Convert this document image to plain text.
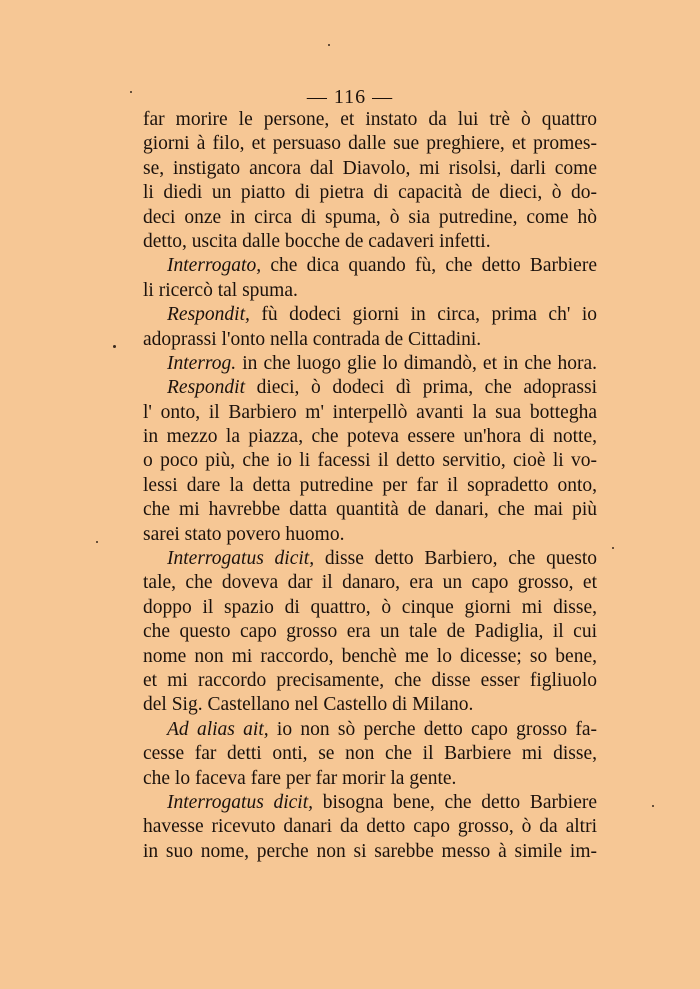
— 116 —
far morire le persone, et instato da lui trè ò quattro
giorni à filo, et persuaso dalle sue preghiere, et promes-
se, instigato ancora dal Diavolo, mi risolsi, darli come
li diedi un piatto di pietra di capacità de dieci, ò do-
deci onze in circa di spuma, ò sia putredine, come hò
detto, uscita dalle bocche de cadaveri infetti.
Interrogato, che dica quando fù, che detto Barbiere
li ricercò tal spuma.
Respondit, fù dodeci giorni in circa, prima ch' io
adoprassi l'onto nella contrada de Cittadini.
Interrog. in che luogo glie lo dimandò, et in che hora.
Respondit dieci, ò dodeci dì prima, che adoprassi
l' onto, il Barbiero m' interpellò avanti la sua bottegha
in mezzo la piazza, che poteva essere un'hora di notte,
o poco più, che io li facessi il detto servitio, cioè li vo-
lessi dare la detta putredine per far il sopradetto onto,
che mi havrebbe datta quantità de danari, che mai più
sarei stato povero huomo.
Interrogatus dicit, disse detto Barbiero, che questo
tale, che doveva dar il danaro, era un capo grosso, et
doppo il spazio di quattro, ò cinque giorni mi disse,
che questo capo grosso era un tale de Padiglia, il cui
nome non mi raccordo, benchè me lo dicesse; so bene,
et mi raccordo precisamente, che disse esser figliuolo
del Sig. Castellano nel Castello di Milano.
Ad alias ait, io non sò perche detto capo grosso fa-
cesse far detti onti, se non che il Barbiere mi disse,
che lo faceva fare per far morir la gente.
Interrogatus dicit, bisogna bene, che detto Barbiere
havesse ricevuto danari da detto capo grosso, ò da altri
in suo nome, perche non si sarebbe messo à simile im-
